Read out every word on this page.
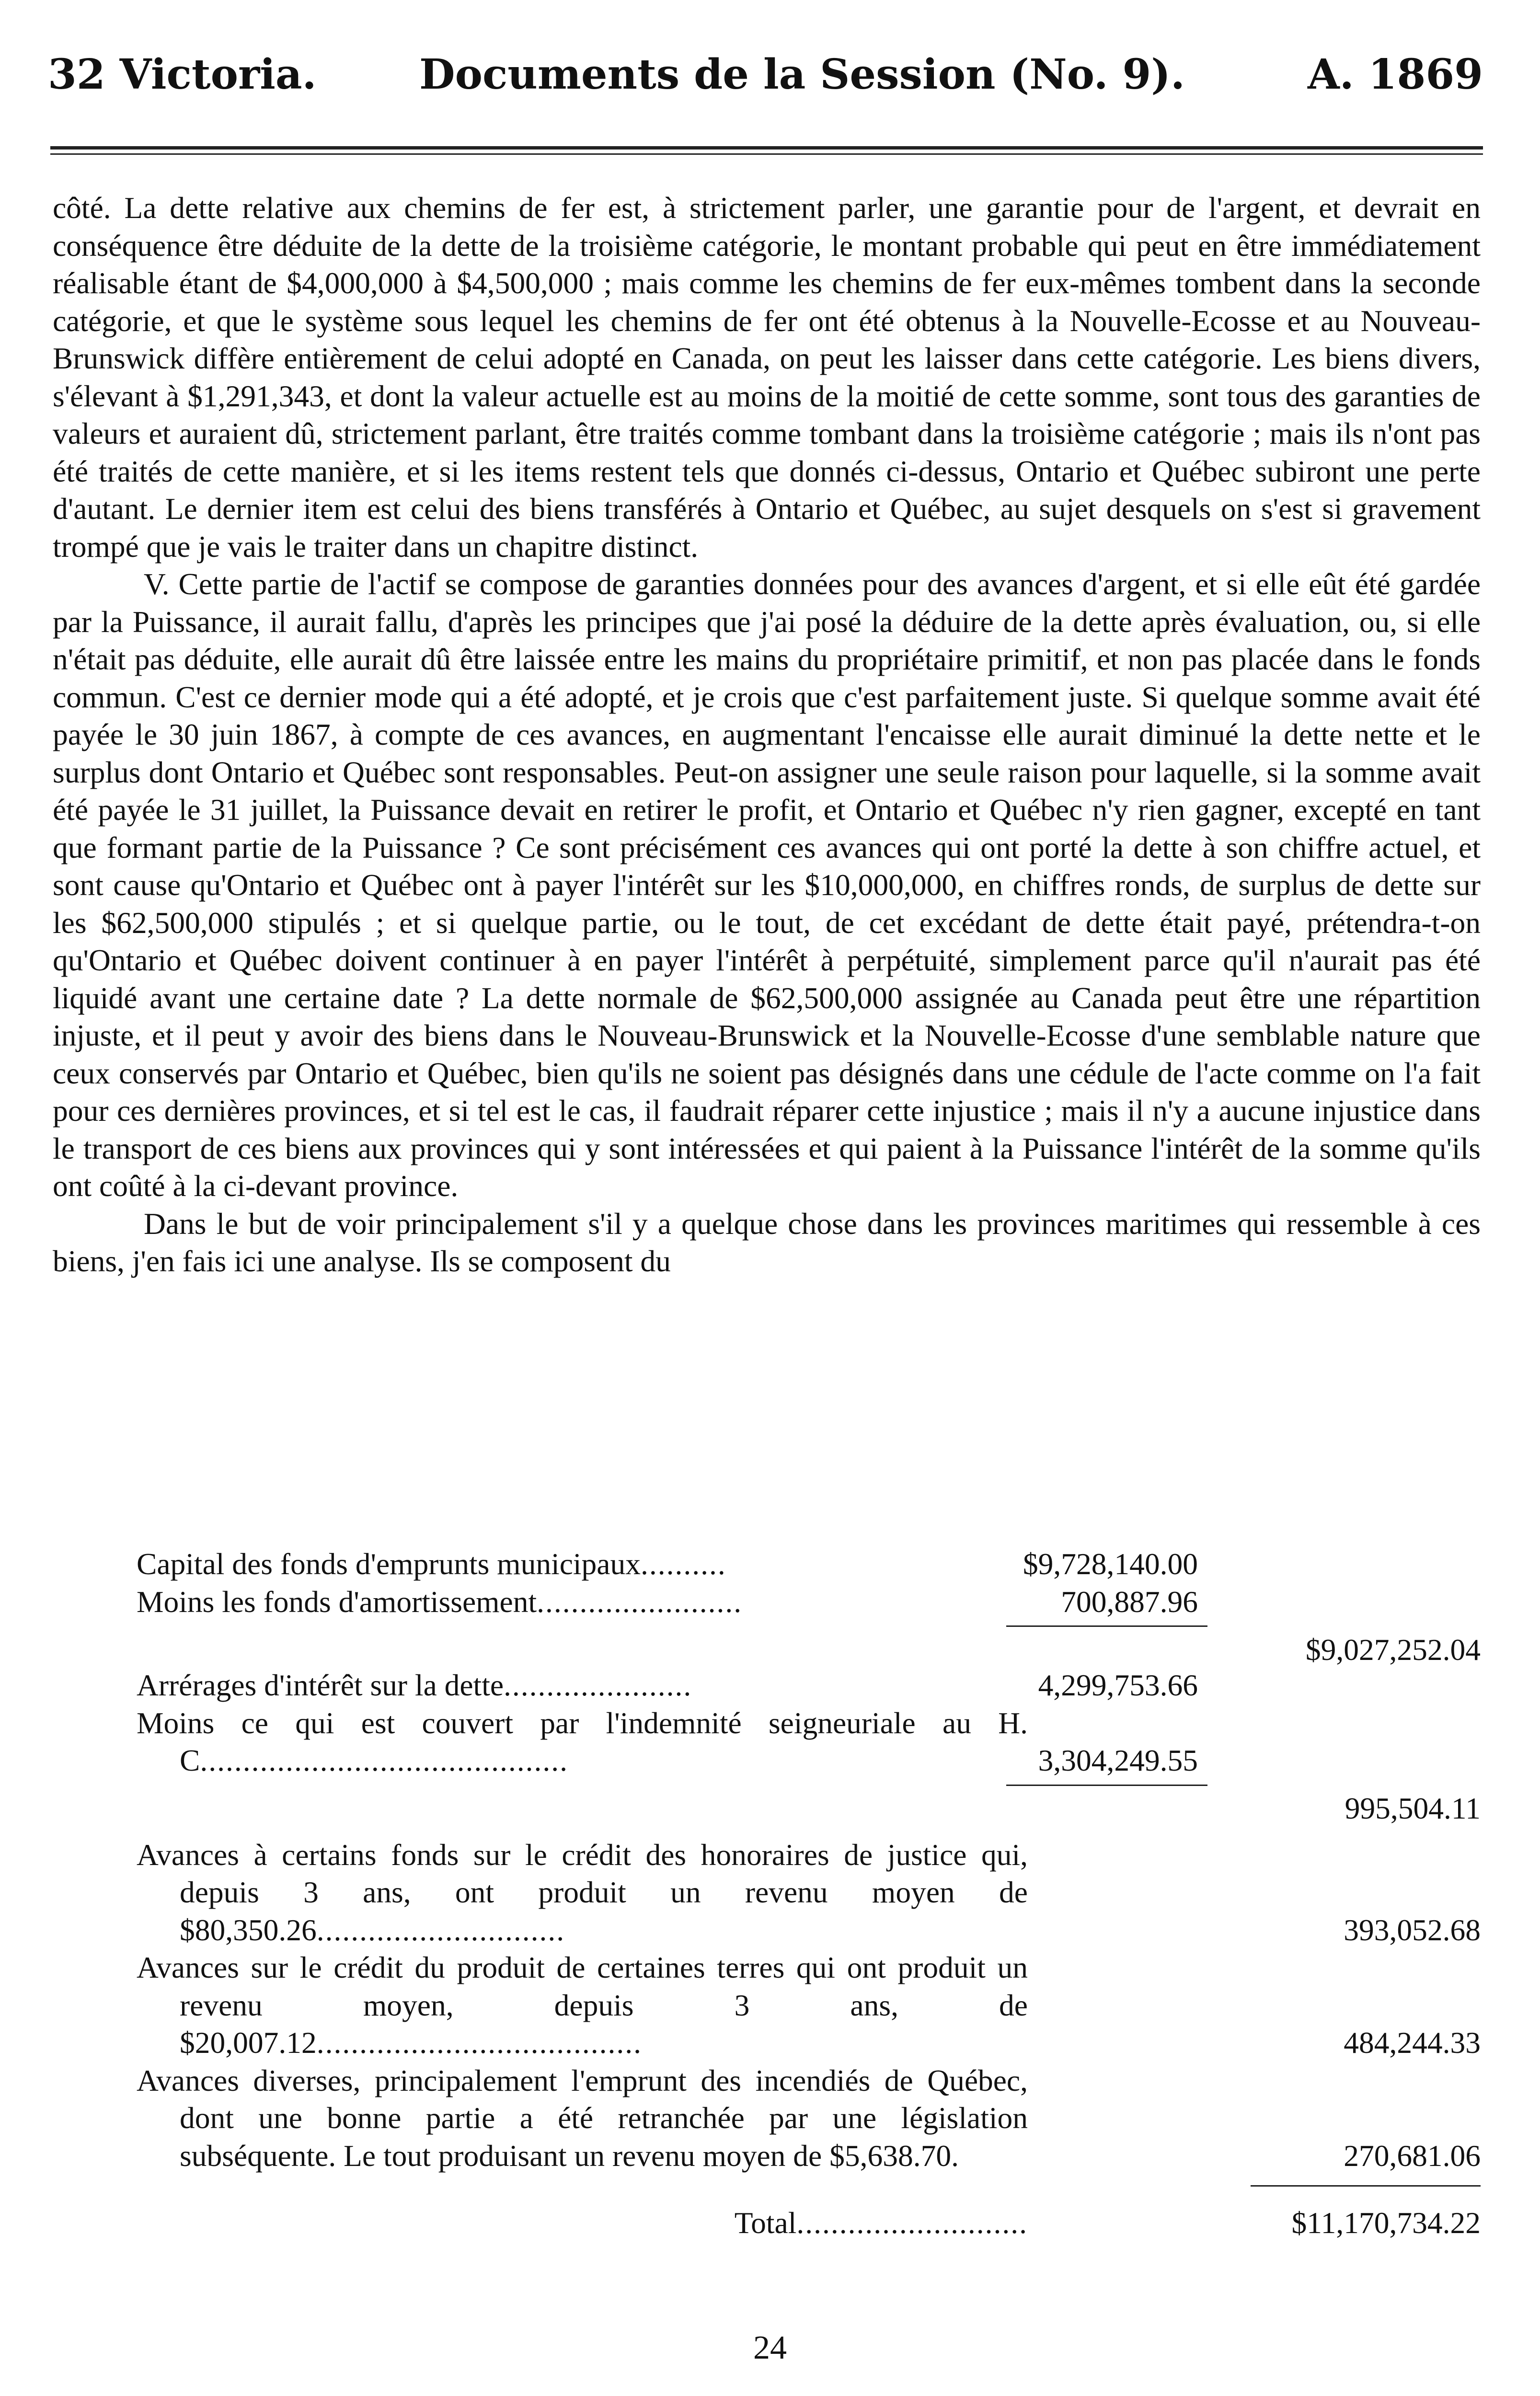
32 Victoria. Documents de la Session (No. 9).	A. 1869

côté. La dette relative aux chemins de fer est, à strictement parler, une garantie pour de l'argent, et devrait en conséquence être déduite de la dette de la troisième catégorie, le montant probable qui peut en être immédiatement réalisable étant de $4,000,000 à $4,500,000 ; mais comme les chemins de fer eux-mêmes tombent dans la seconde catégorie, et que le système sous lequel les chemins de fer ont été obtenus à la Nouvelle-Ecosse et au Nouveau-Brunswick diffère entièrement de celui adopté en Canada, on peut les laisser dans cette catégorie. Les biens divers, s'élevant à $1,291,343, et dont la valeur actuelle est au moins de la moitié de cette somme, sont tous des garanties de valeurs et auraient dû, strictement parlant, être traités comme tombant dans la troisième catégorie ; mais ils n'ont pas été traités de cette manière, et si les items restent tels que donnés ci-dessus, Ontario et Québec subiront une perte d'autant. Le dernier item est celui des biens transférés à Ontario et Québec, au sujet desquels on s'est si gravement trompé que je vais le traiter dans un chapitre distinct.

V. Cette partie de l'actif se compose de garanties données pour des avances d'argent, et si elle eût été gardée par la Puissance, il aurait fallu, d'après les principes que j'ai posé la déduire de la dette après évaluation, ou, si elle n'était pas déduite, elle aurait dû être laissée entre les mains du propriétaire primitif, et non pas placée dans le fonds commun. C'est ce dernier mode qui a été adopté, et je crois que c'est parfaitement juste. Si quelque somme avait été payée le 30 juin 1867, à compte de ces avances, en augmentant l'encaisse elle aurait diminué la dette nette et le surplus dont Ontario et Québec sont responsables. Peut-on assigner une seule raison pour laquelle, si la somme avait été payée le 31 juillet, la Puissance devait en retirer le profit, et Ontario et Québec n'y rien gagner, excepté en tant que formant partie de la Puissance ? Ce sont précisément ces avances qui ont porté la dette à son chiffre actuel, et sont cause qu'Ontario et Québec ont à payer l'intérêt sur les $10,000,000, en chiffres ronds, de surplus de dette sur les $62,500,000 stipulés ; et si quelque partie, ou le tout, de cet excédant de dette était payé, prétendra-t-on qu'Ontario et Québec doivent continuer à en payer l'intérêt à perpétuité, simplement parce qu'il n'aurait pas été liquidé avant une certaine date ? La dette normale de $62,500,000 assignée au Canada peut être une répartition injuste, et il peut y avoir des biens dans le Nouveau-Brunswick et la Nouvelle-Ecosse d'une semblable nature que ceux conservés par Ontario et Québec, bien qu'ils ne soient pas désignés dans une cédule de l'acte comme on l'a fait pour ces dernières provinces, et si tel est le cas, il faudrait réparer cette injustice ; mais il n'y a aucune injustice dans le transport de ces biens aux provinces qui y sont intéressées et qui paient à la Puissance l'intérêt de la somme qu'ils ont coûté à la ci-devant province.

Dans le but de voir principalement s'il y a quelque chose dans les provinces maritimes qui ressemble à ces biens, j'en fais ici une analyse. Ils se composent du

Capital des fonds d'emprunts municipaux..........	$9,728,140.00
Moins les fonds d'amortissement........................	700,887.96
$9,027,252.04
Arrérages d'intérêt sur la dette......................	4,299,753.66
Moins ce qui est couvert par l'indemnité seigneuriale au H. C...........................................	3,304,249.55
995,504.11
Avances à certains fonds sur le crédit des honoraires de justice qui, depuis 3 ans, ont produit un revenu moyen de $80,350.26.............................	393,052.68
Avances sur le crédit du produit de certaines terres qui ont produit un revenu moyen, depuis 3 ans, de $20,007.12......................................	484,244.33
Avances diverses, principalement l'emprunt des incendiés de Québec, dont une bonne partie a été retranchée par une législation subséquente. Le tout produisant un revenu moyen de $5,638.70.	270,681.06
Total...........................	$11,170,734.22
24
